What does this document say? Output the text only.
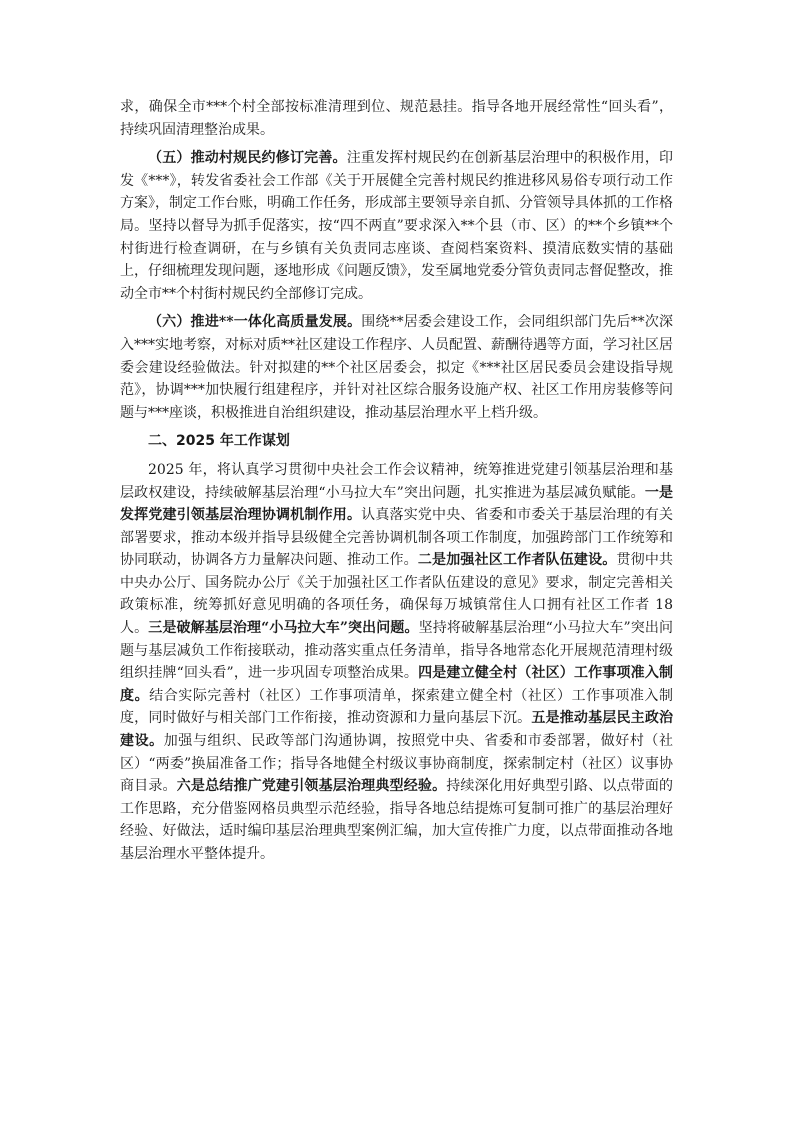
求，确保全市***个村全部按标准清理到位、规范悬挂。指导各地开展经常性“回头看”，持续巩固清理整治成果。

（五）推动村规民约修订完善。注重发挥村规民约在创新基层治理中的积极作用，印发《***》，转发省委社会工作部《关于开展健全完善村规民约推进移风易俗专项行动工作方案》，制定工作台账，明确工作任务，形成部主要领导亲自抓、分管领导具体抓的工作格局。坚持以督导为抓手促落实，按“四不两直”要求深入**个县（市、区）的**个乡镇**个村街进行检查调研，在与乡镇有关负责同志座谈、查阅档案资料、摸清底数实情的基础上，仔细梳理发现问题，逐地形成《问题反馈》，发至属地党委分管负责同志督促整改，推动全市**个村街村规民约全部修订完成。

（六）推进**一体化高质量发展。围绕**居委会建设工作，会同组织部门先后**次深入***实地考察，对标对质**社区建设工作程序、人员配置、薪酬待遇等方面，学习社区居委会建设经验做法。针对拟建的**个社区居委会，拟定《***社区居民委员会建设指导规范》，协调***加快履行组建程序，并针对社区综合服务设施产权、社区工作用房装修等问题与***座谈，积极推进自治组织建设，推动基层治理水平上档升级。

二、2025 年工作谋划

2025 年，将认真学习贯彻中央社会工作会议精神，统筹推进党建引领基层治理和基层政权建设，持续破解基层治理“小马拉大车”突出问题，扎实推进为基层减负赋能。一是发挥党建引领基层治理协调机制作用。认真落实党中央、省委和市委关于基层治理的有关部署要求，推动本级并指导县级健全完善协调机制各项工作制度，加强跨部门工作统筹和协同联动，协调各方力量解决问题、推动工作。二是加强社区工作者队伍建设。贯彻中共中央办公厅、国务院办公厅《关于加强社区工作者队伍建设的意见》要求，制定完善相关政策标准，统筹抓好意见明确的各项任务，确保每万城镇常住人口拥有社区工作者 18 人。三是破解基层治理“小马拉大车”突出问题。坚持将破解基层治理“小马拉大车”突出问题与基层减负工作衔接联动，推动落实重点任务清单，指导各地常态化开展规范清理村级组织挂牌“回头看”，进一步巩固专项整治成果。四是建立健全村（社区）工作事项准入制度。结合实际完善村（社区）工作事项清单，探索建立健全村（社区）工作事项准入制度，同时做好与相关部门工作衔接，推动资源和力量向基层下沉。五是推动基层民主政治建设。加强与组织、民政等部门沟通协调，按照党中央、省委和市委部署，做好村（社区）“两委”换届准备工作；指导各地健全村级议事协商制度，探索制定村（社区）议事协商目录。六是总结推广党建引领基层治理典型经验。持续深化用好典型引路、以点带面的工作思路，充分借鉴网格员典型示范经验，指导各地总结提炼可复制可推广的基层治理好经验、好做法，适时编印基层治理典型案例汇编，加大宣传推广力度，以点带面推动各地基层治理水平整体提升。
